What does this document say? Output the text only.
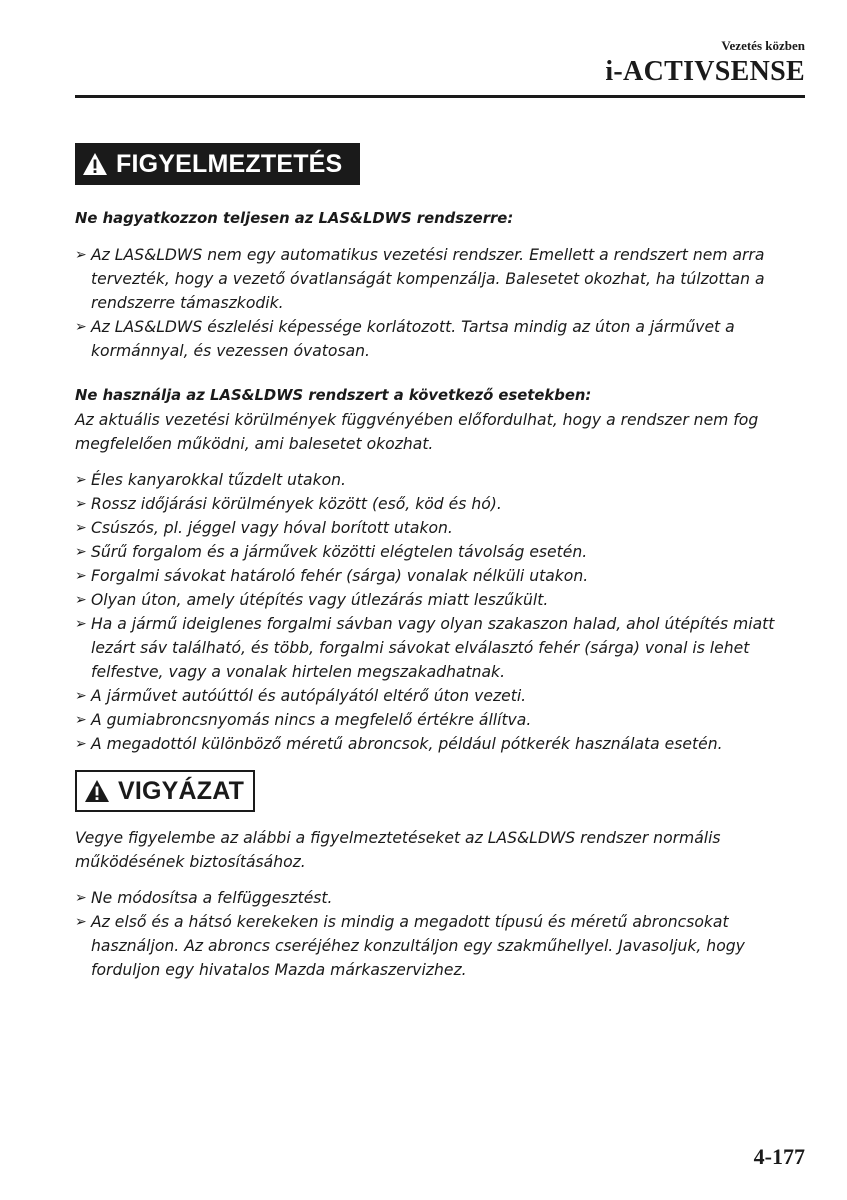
Vezetés közben
i-ACTIVSENSE
FIGYELMEZTETÉS
Ne hagyatkozzon teljesen az LAS&LDWS rendszerre:
➢ Az LAS&LDWS nem egy automatikus vezetési rendszer. Emellett a rendszert nem arra tervezték, hogy a vezető óvatlanságát kompenzálja. Balesetet okozhat, ha túlzottan a rendszerre támaszkodik.
➢ Az LAS&LDWS észlelési képessége korlátozott. Tartsa mindig az úton a járművet a kormánnyal, és vezessen óvatosan.
Ne használja az LAS&LDWS rendszert a következő esetekben:

Az aktuális vezetési körülmények függvényében előfordulhat, hogy a rendszer nem fog megfelelően működni, ami balesetet okozhat.

➢ Éles kanyarokkal tűzdelt utakon.
➢ Rossz időjárási körülmények között (eső, köd és hó).
➢ Csúszós, pl. jéggel vagy hóval borított utakon.
➢ Sűrű forgalom és a járművek közötti elégtelen távolság esetén.
➢ Forgalmi sávokat határoló fehér (sárga) vonalak nélküli utakon.
➢ Olyan úton, amely útépítés vagy útlezárás miatt leszűkült.
➢ Ha a jármű ideiglenes forgalmi sávban vagy olyan szakaszon halad, ahol útépítés miatt lezárt sáv található, és több, forgalmi sávokat elválasztó fehér (sárga) vonal is lehet felfestve, vagy a vonalak hirtelen megszakadhatnak.
➢ A járművet autóúttól és autópályától eltérő úton vezeti.
➢ A gumiabroncsnyomás nincs a megfelelő értékre állítva.
➢ A megadottól különböző méretű abroncsok, például pótkerék használata esetén.
VIGYÁZAT

Vegye figyelembe az alábbi a figyelmeztetéseket az LAS&LDWS rendszer normális működésének biztosításához.

➢ Ne módosítsa a felfüggesztést.
➢ Az első és a hátsó kerekeken is mindig a megadott típusú és méretű abroncsokat használjon. Az abroncs cseréjéhez konzultáljon egy szakműhellyel. Javasoljuk, hogy forduljon egy hivatalos Mazda márkaszervizhez.
4-177
